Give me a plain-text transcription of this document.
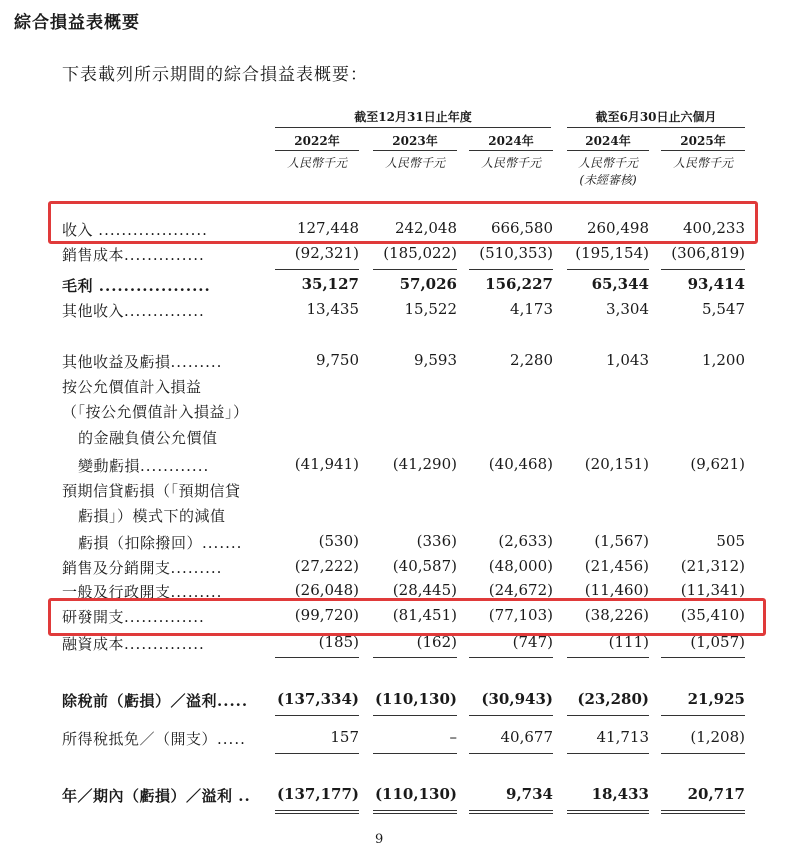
綜合損益表概要

下表載列所示期間的綜合損益表概要：

截至12月31日止年度	截至6月30日止六個月
2022年	2023年	2024年	2024年	2025年
人民幣千元	人民幣千元	人民幣千元	人民幣千元
(未經審核)
人民幣千元
收入 ...................	127,448	242,048	666,580	260,498	400,233
銷售成本..............	(92,321)	(185,022)	(510,353)	(195,154)	(306,819)
毛利 ..................	35,127	57,026	156,227	65,344	93,414
其他收入..............	13,435	15,522	4,173	3,304	5,547
其他收益及虧損.........	9,750	9,593	2,280	1,043	1,200
按公允價值計入損益
（「按公允價值計入損益」）
的金融負債公允價值
變動虧損............	(41,941)	(41,290)	(40,468)	(20,151)	(9,621)
預期信貸虧損（「預期信貸
虧損」）模式下的減值
虧損（扣除撥回）.......	(530)	(336)	(2,633)	(1,567)	505
銷售及分銷開支.........	(27,222)	(40,587)	(48,000)	(21,456)	(21,312)
一般及行政開支.........	(26,048)	(28,445)	(24,672)	(11,460)	(11,341)
研發開支..............	(99,720)	(81,451)	(77,103)	(38,226)	(35,410)
融資成本..............	(185)	(162)	(747)	(111)	(1,057)
除稅前（虧損）／溢利..... (137,334) (110,130)	(30,943)	(23,280)	21,925
所得稅抵免／（開支）.....	157	–	40,677	41,713	(1,208)
年／期內（虧損）／溢利 .. (137,177) (110,130)	9,734	18,433	20,717
9
